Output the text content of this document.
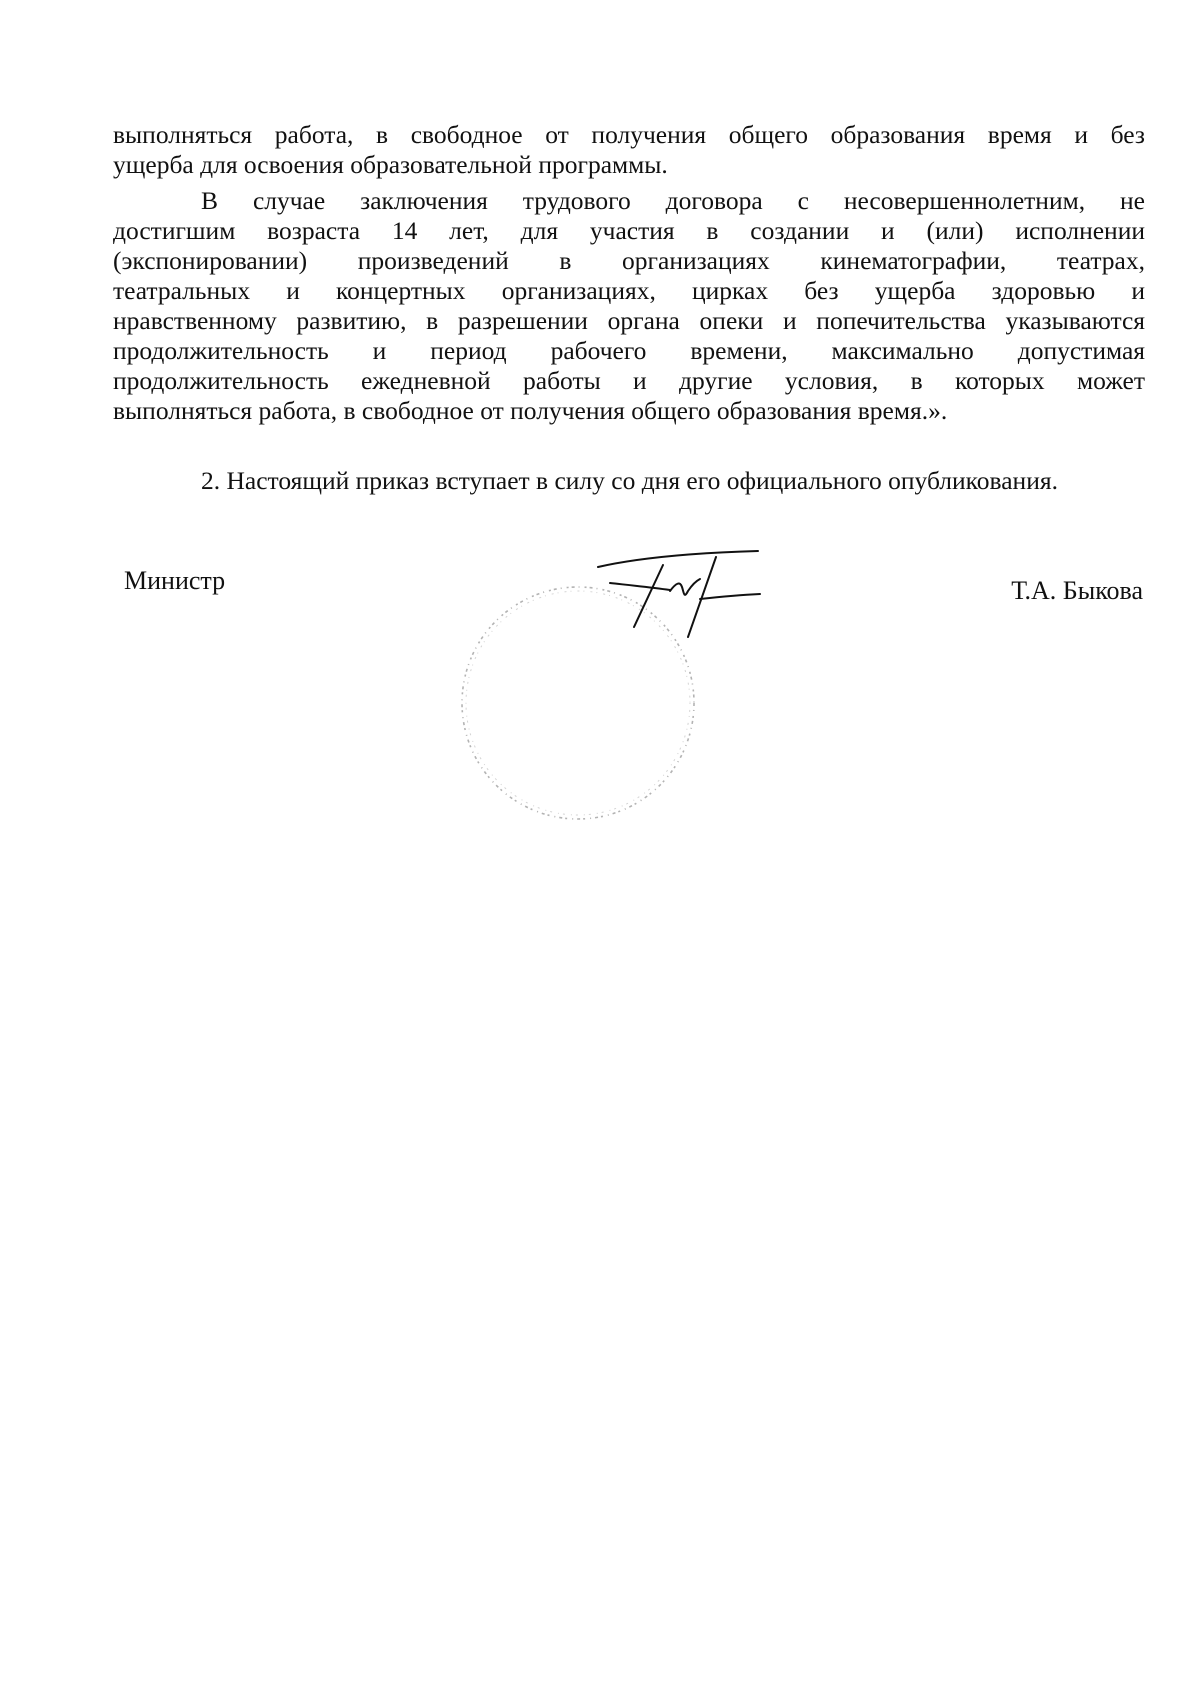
выполняться работа, в свободное от получения общего образования время и без
ущерба для освоения образовательной программы.
В случае заключения трудового договора с несовершеннолетним, не
достигшим возраста 14 лет, для участия в создании и (или) исполнении
(экспонировании) произведений в организациях кинематографии, театрах,
театральных и концертных организациях, цирках без ущерба здоровью и
нравственному развитию, в разрешении органа опеки и попечительства указываются
продолжительность и период рабочего времени, максимально допустимая
продолжительность ежедневной работы и другие условия, в которых может
выполняться работа, в свободное от получения общего образования время.».
2. Настоящий приказ вступает в силу со дня его официального опубликования.
Министр	Т.А. Быкова
